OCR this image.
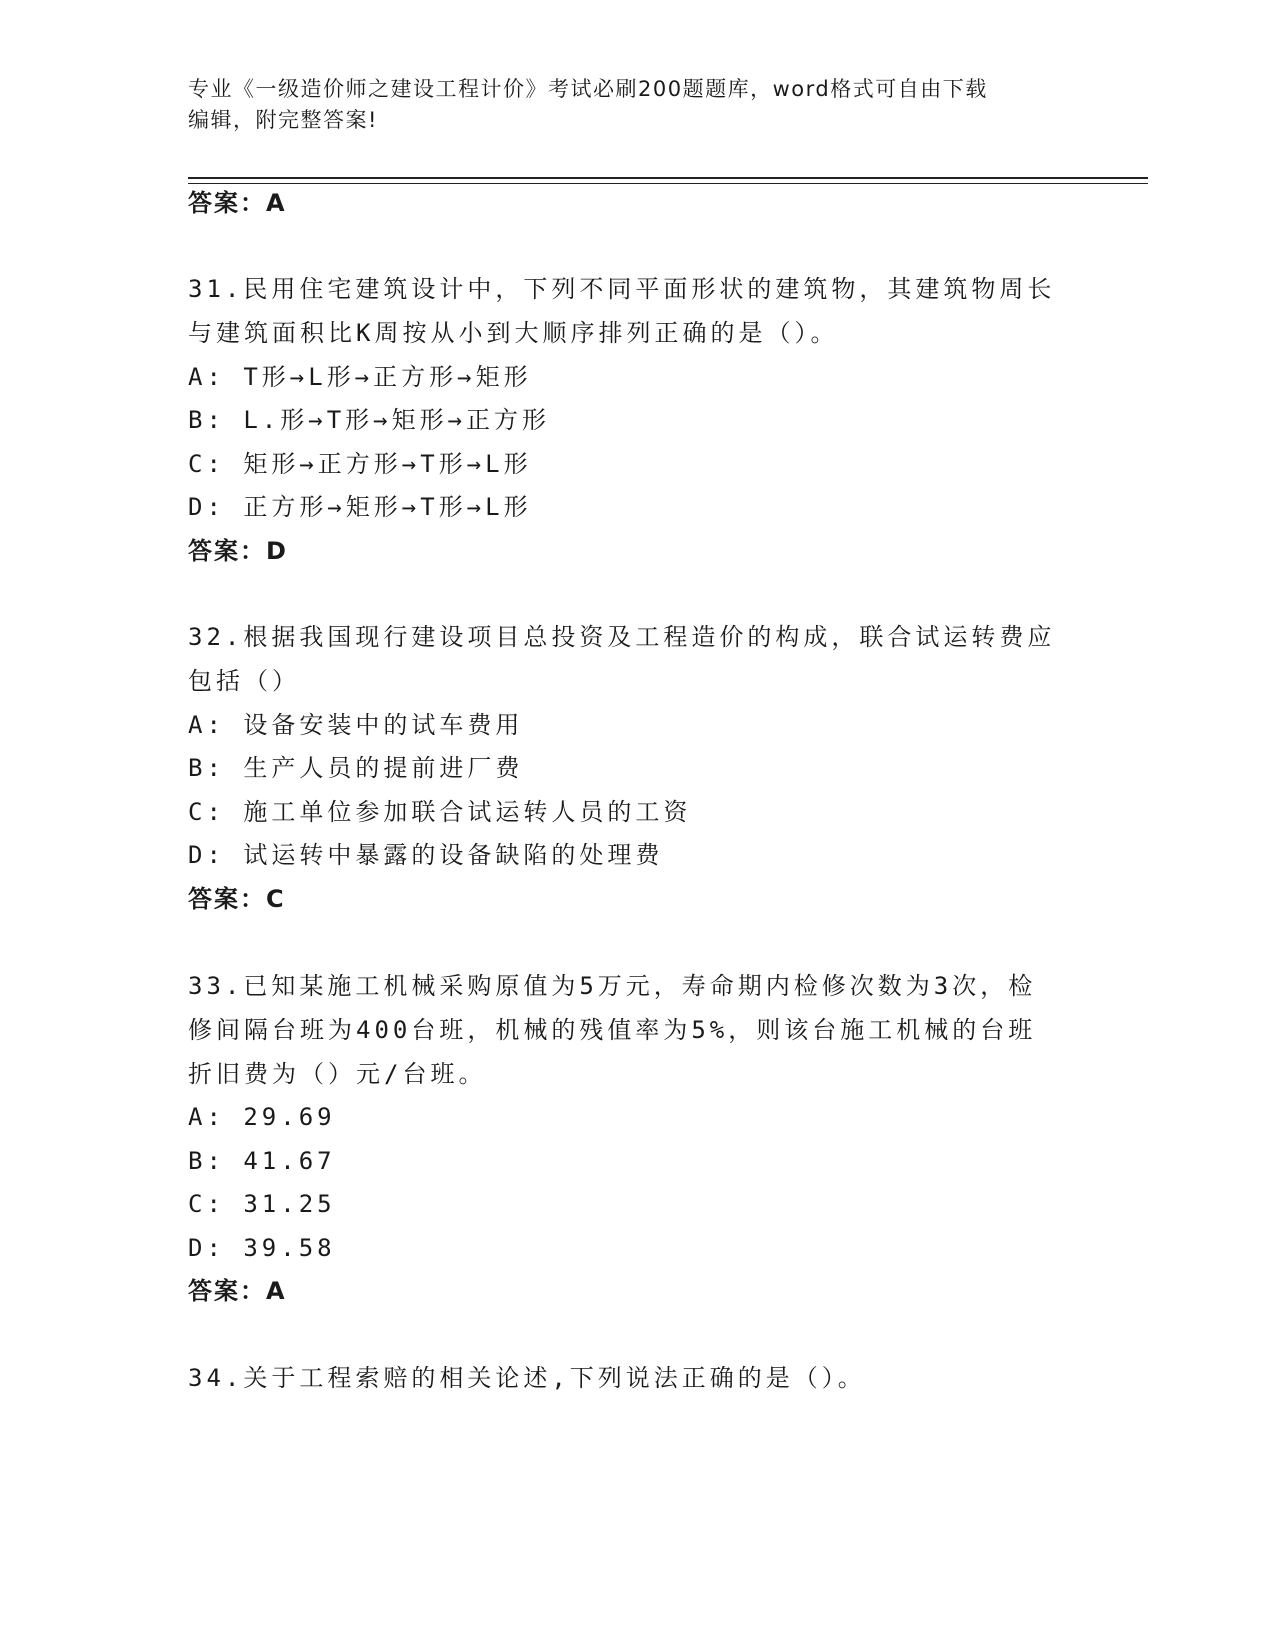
专业《一级造价师之建设工程计价》考试必刷200题题库，word格式可自由下载
编辑，附完整答案!
答案：A
31.民用住宅建筑设计中，下列不同平面形状的建筑物，其建筑物周长
与建筑面积比K周按从小到大顺序排列正确的是（）。
A: T形→L形→正方形→矩形
B: L.形→T形→矩形→正方形
C: 矩形→正方形→T形→L形
D: 正方形→矩形→T形→L形
答案：D
32.根据我国现行建设项目总投资及工程造价的构成，联合试运转费应
包括（）
A: 设备安装中的试车费用
B: 生产人员的提前进厂费
C: 施工单位参加联合试运转人员的工资
D: 试运转中暴露的设备缺陷的处理费
答案：C
33.已知某施工机械采购原值为5万元，寿命期内检修次数为3次，检
修间隔台班为400台班，机械的残值率为5%，则该台施工机械的台班
折旧费为（）元/台班。
A: 29.69
B: 41.67
C: 31.25
D: 39.58
答案：A
34.关于工程索赔的相关论述,下列说法正确的是（）。
